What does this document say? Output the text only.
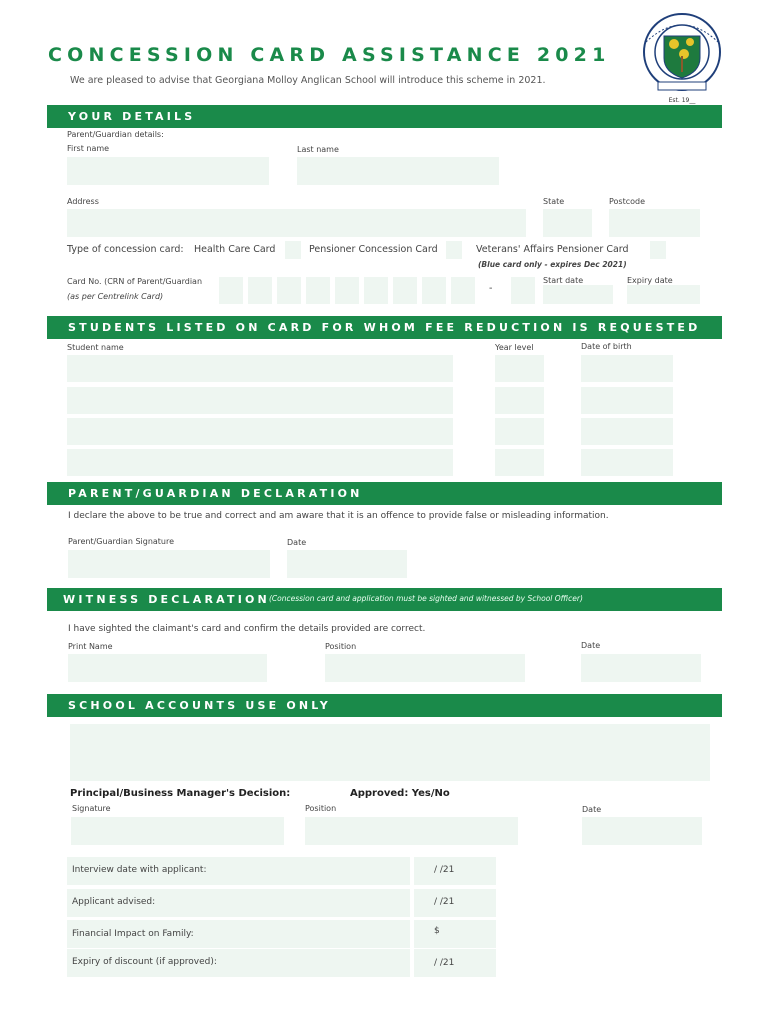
CONCESSION CARD ASSISTANCE 2021
We are pleased to advise that Georgiana Molloy Anglican School will introduce this scheme in 2021.
Est. 19__
YOUR DETAILS
Parent/Guardian details:
First name	Last name
Address	State	Postcode
Type of concession card: Health Care Card	Pensioner Concession Card	Veterans' Affairs Pensioner Card
(Blue card only - expires Dec 2021)
Card No. (CRN of Parent/Guardian
(as per Centrelink Card)
-
Start date	Expiry date
STUDENTS LISTED ON CARD FOR WHOM FEE REDUCTION IS REQUESTED
Student name	Year level	Date of birth
PARENT/GUARDIAN DECLARATION
I declare the above to be true and correct and am aware that it is an offence to provide false or misleading information.
Parent/Guardian Signature	Date
WITNESS DECLARATION (Concession card and application must be sighted and witnessed by School Officer)
I have sighted the claimant's card and confirm the details provided are correct.
Print Name	Position	Date
SCHOOL ACCOUNTS USE ONLY
Principal/Business Manager's Decision:	Approved: Yes/No
Signature	Position	Date
Interview date with applicant:	/ /21
Applicant advised:	/ /21
Financial Impact on Family:	$
Expiry of discount (if approved):	/ /21
